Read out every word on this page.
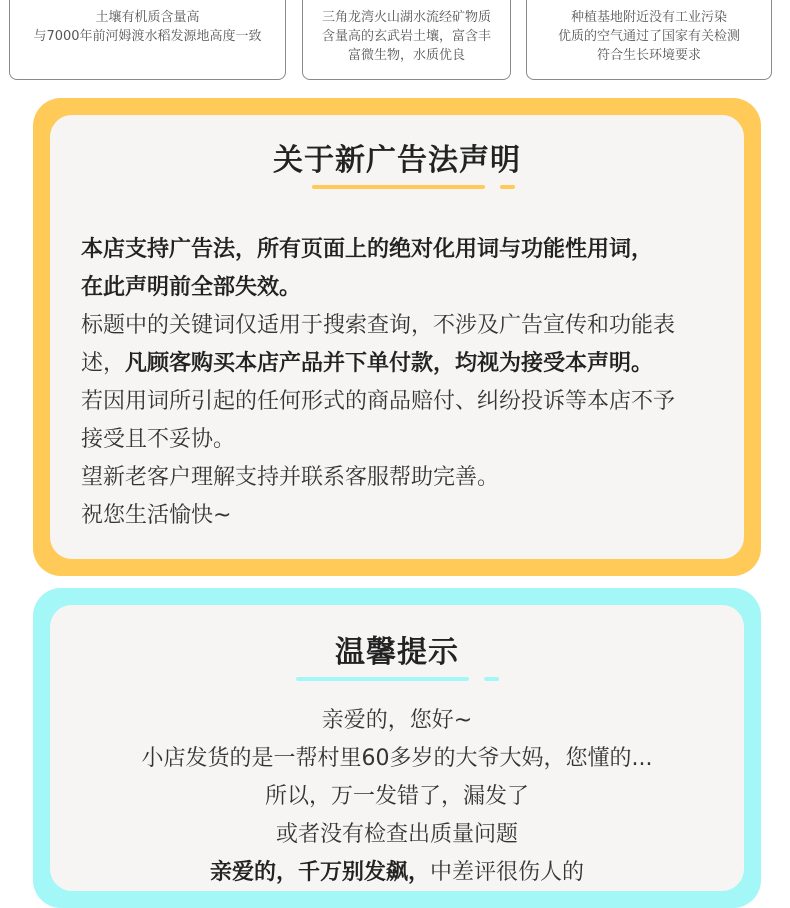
土壤有机质含量高
与7000年前河姆渡水稻发源地高度一致
三角龙湾火山湖水流经矿物质
含量高的玄武岩土壤，富含丰
富微生物，水质优良
种植基地附近没有工业污染
优质的空气通过了国家有关检测
符合生长环境要求
关于新广告法声明
本店支持广告法，所有页面上的绝对化用词与功能性用词，
在此声明前全部失效。
标题中的关键词仅适用于搜索查询，不涉及广告宣传和功能表
述，凡顾客购买本店产品并下单付款，均视为接受本声明。
若因用词所引起的任何形式的商品赔付、纠纷投诉等本店不予
接受且不妥协。
望新老客户理解支持并联系客服帮助完善。
祝您生活愉快~
温馨提示
亲爱的，您好~
小店发货的是一帮村里60多岁的大爷大妈，您懂的...
所以，万一发错了，漏发了
或者没有检查出质量问题
亲爱的，千万别发飙，中差评很伤人的
